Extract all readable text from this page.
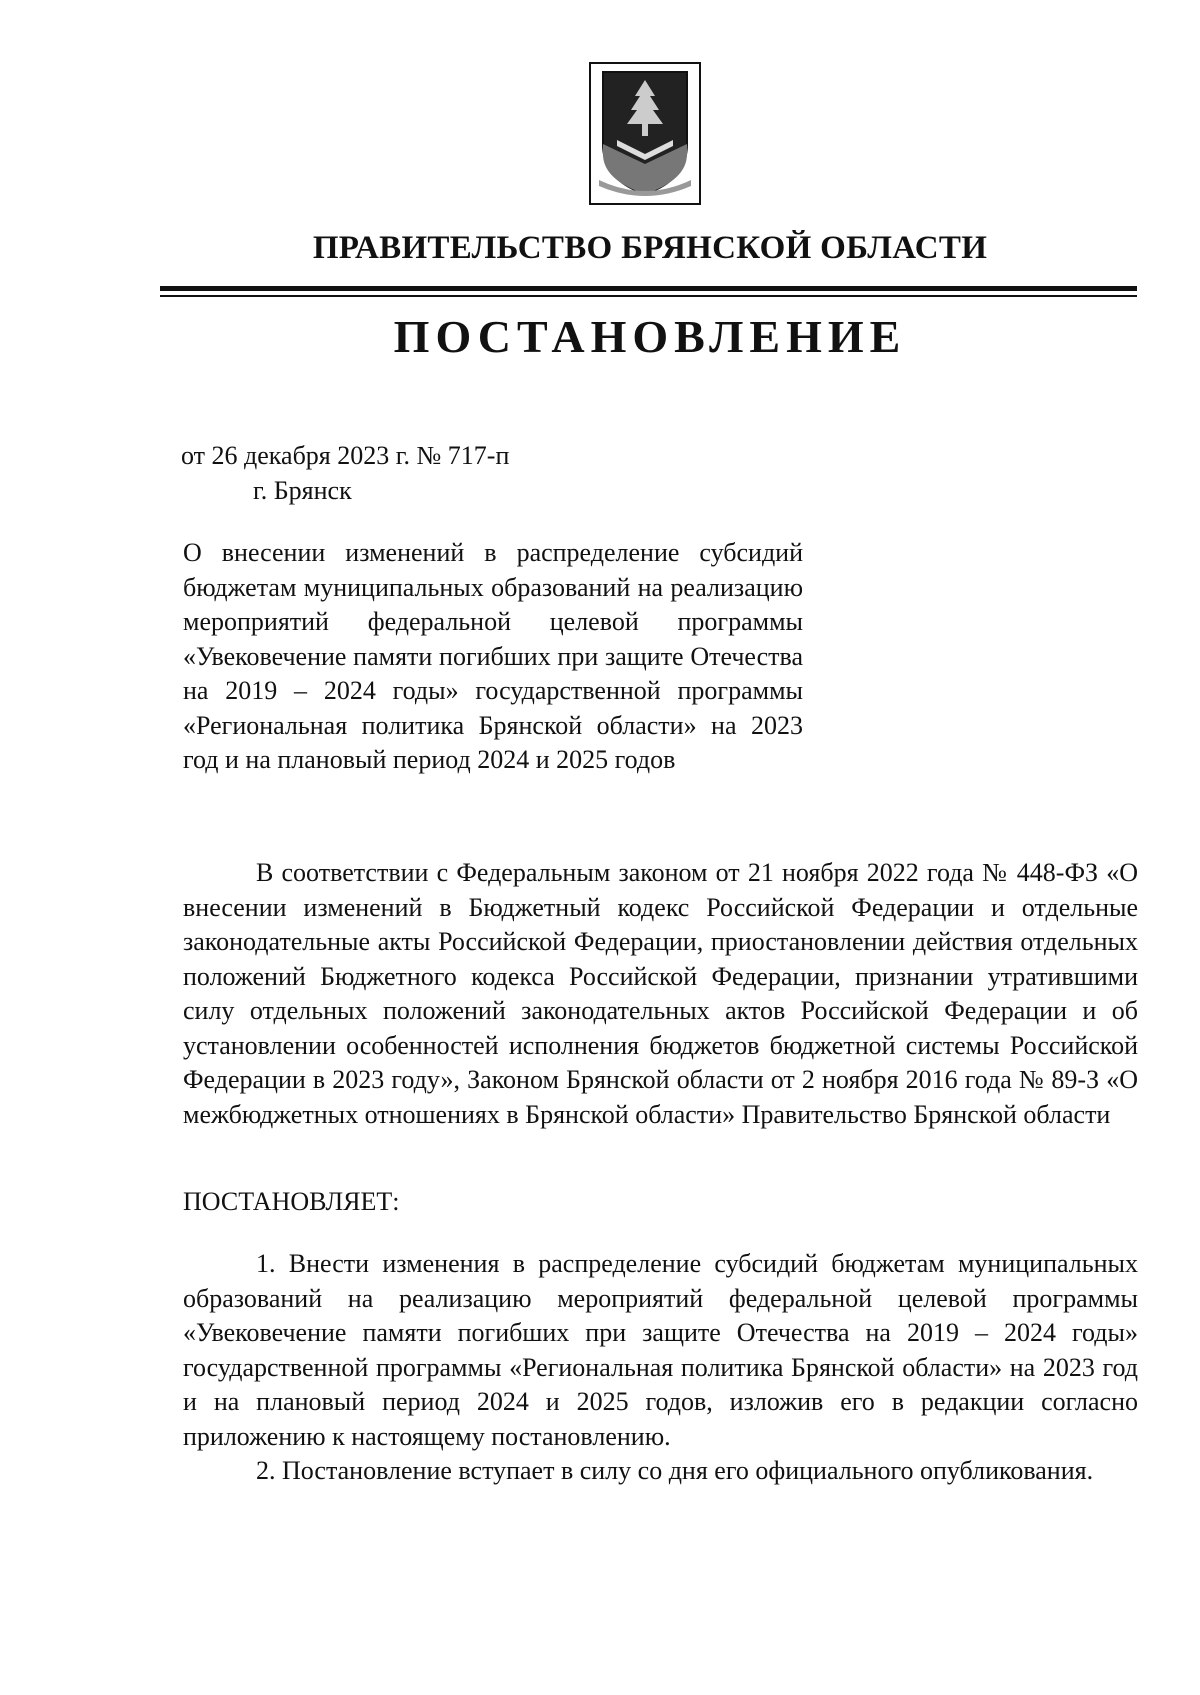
ПРАВИТЕЛЬСТВО БРЯНСКОЙ ОБЛАСТИ
ПОСТАНОВЛЕНИЕ
от 26 декабря 2023 г. № 717-п
г. Брянск
О внесении изменений в распределение субсидий бюджетам муниципальных образований на реализацию мероприятий федеральной целевой программы «Увековечение памяти погибших при защите Отечества на 2019 – 2024 годы» государственной программы «Региональная политика Брянской области» на 2023 год и на плановый период 2024 и 2025 годов
В соответствии с Федеральным законом от 21 ноября 2022 года № 448-ФЗ «О внесении изменений в Бюджетный кодекс Российской Федерации и отдельные законодательные акты Российской Федерации, приостановлении действия отдельных положений Бюджетного кодекса Российской Федерации, признании утратившими силу отдельных положений законодательных актов Российской Федерации и об установлении особенностей исполнения бюджетов бюджетной системы Российской Федерации в 2023 году», Законом Брянской области от 2 ноября 2016 года № 89-З «О межбюджетных отношениях в Брянской области» Правительство Брянской области
ПОСТАНОВЛЯЕТ:

1. Внести изменения в распределение субсидий бюджетам муниципальных образований на реализацию мероприятий федеральной целевой программы «Увековечение памяти погибших при защите Отечества на 2019 – 2024 годы» государственной программы «Региональная политика Брянской области» на 2023 год и на плановый период 2024 и 2025 годов, изложив его в редакции согласно приложению к настоящему постановлению.

2. Постановление вступает в силу со дня его официального опубликования.
